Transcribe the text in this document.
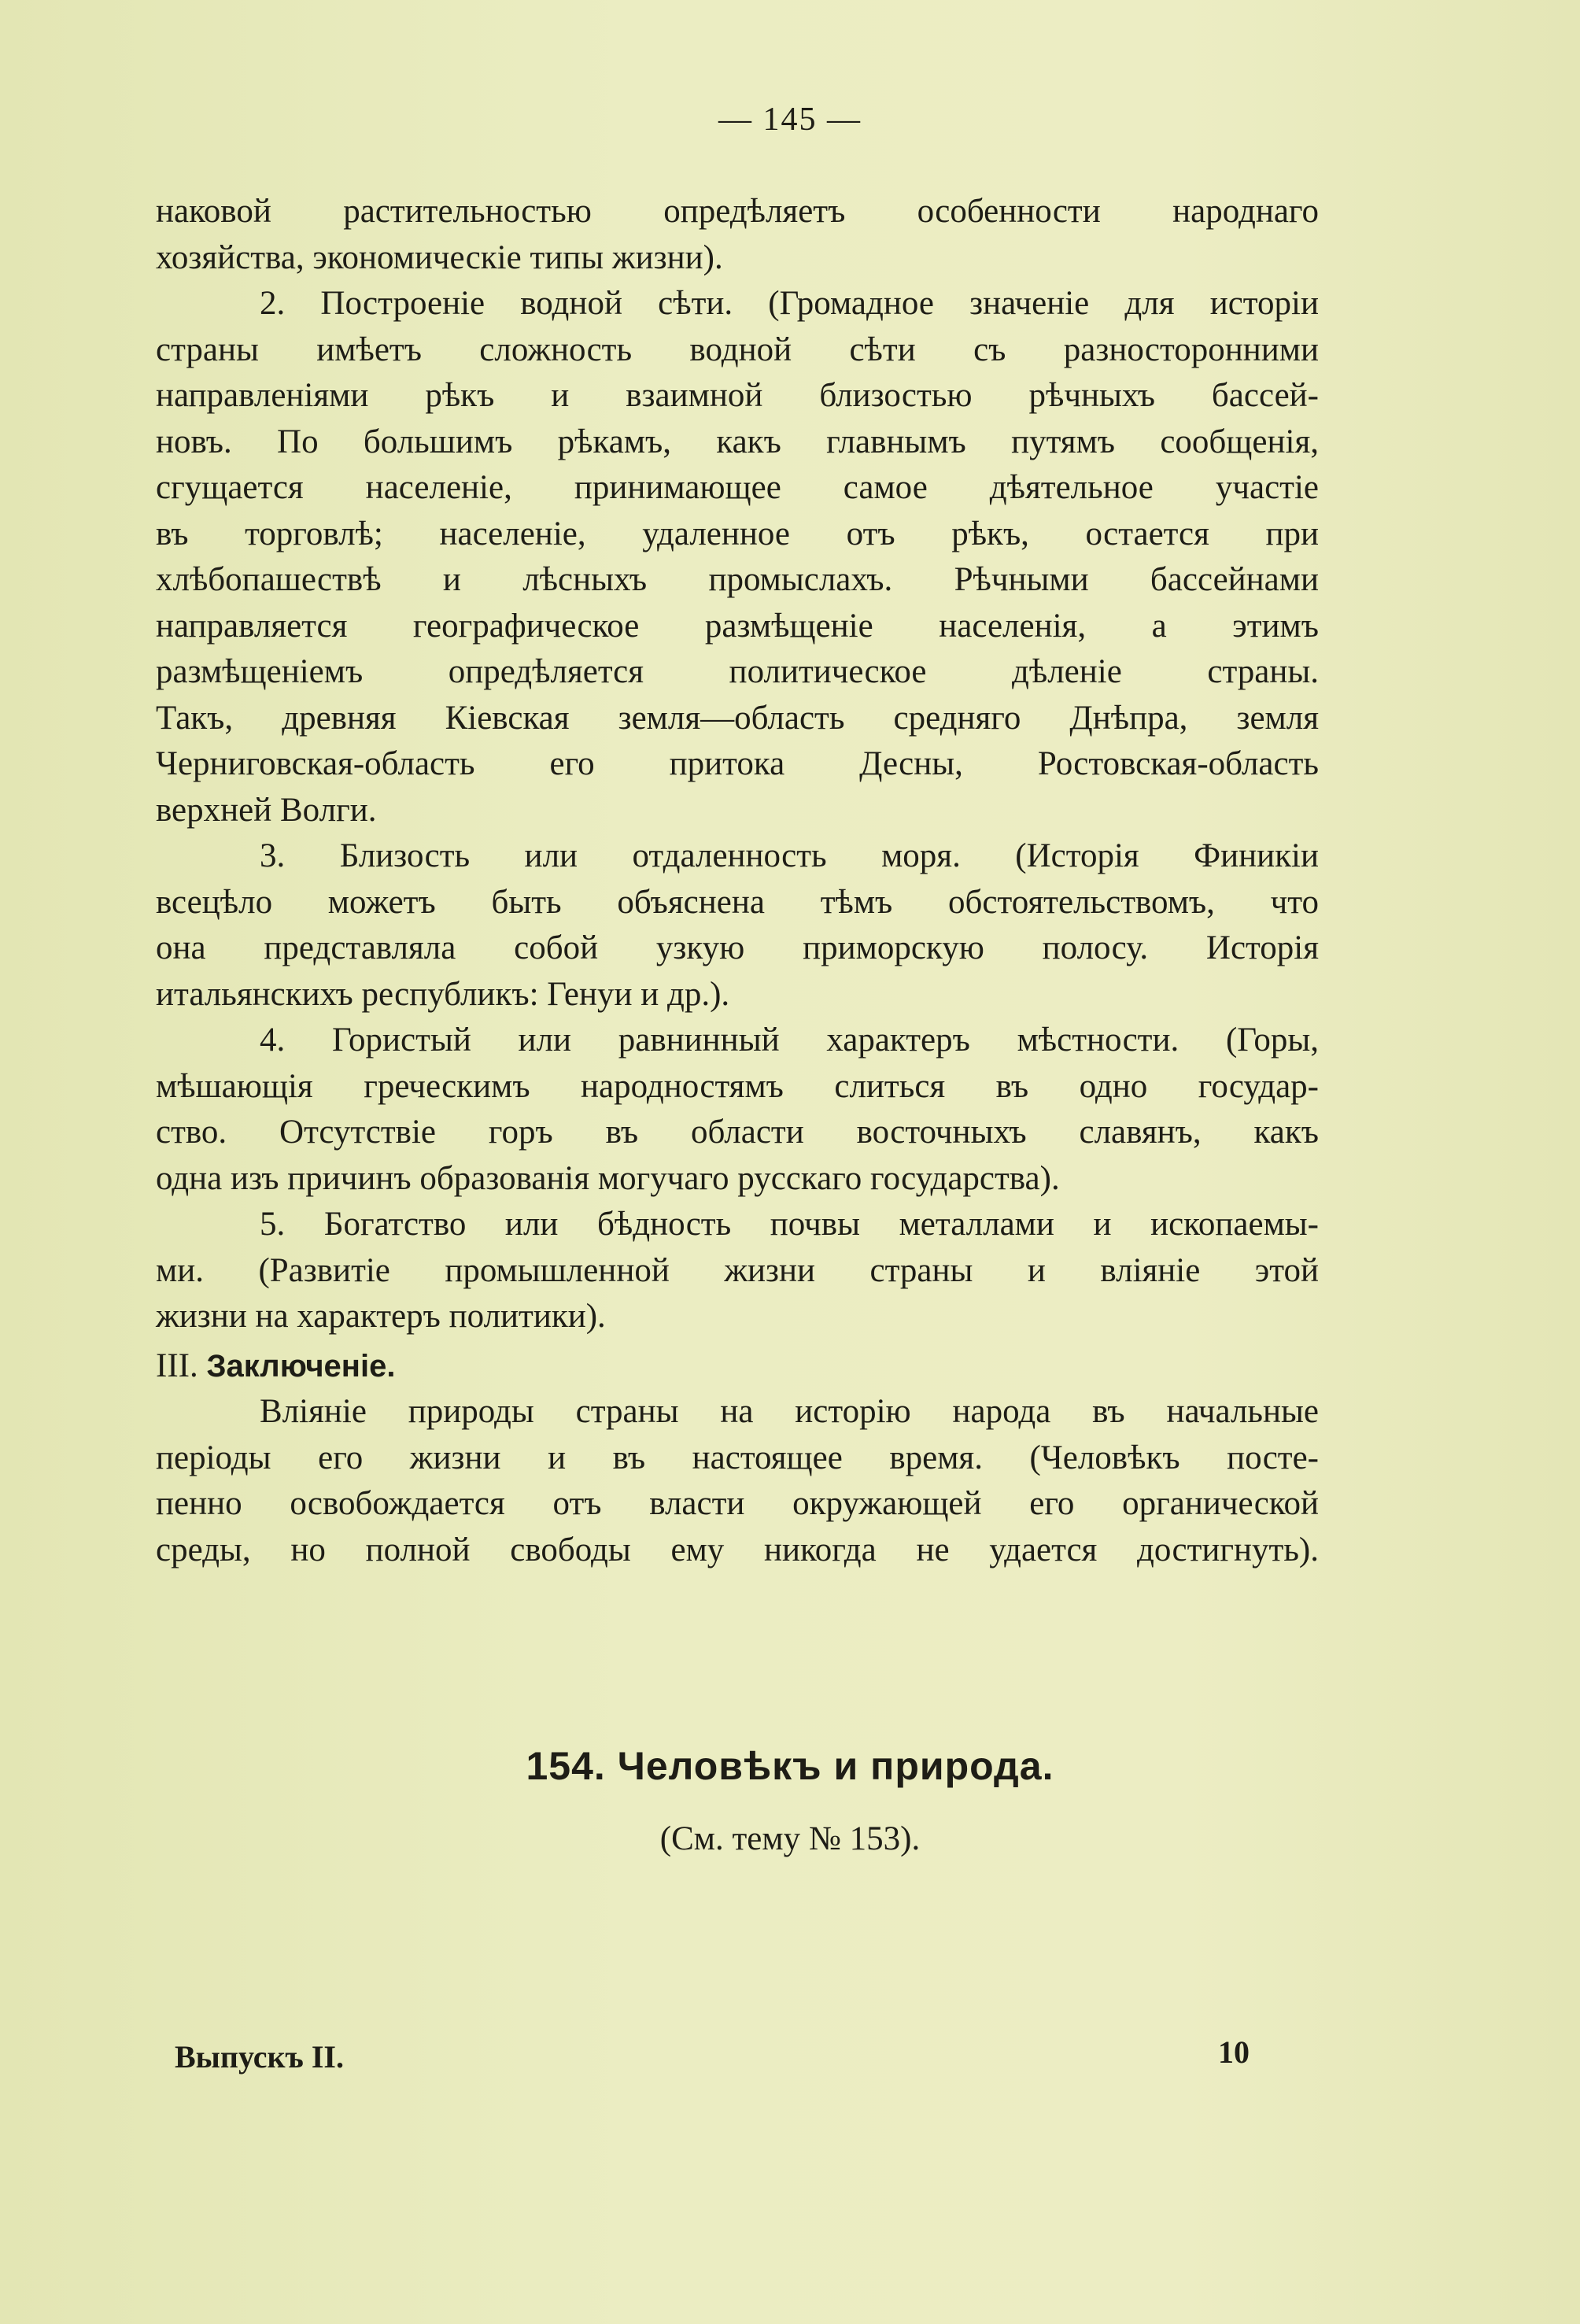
— 145 —
наковой растительностью опредѣляетъ особенности народнаго
хозяйства, экономическіе типы жизни).
2. Построеніе водной сѣти. (Громадное значеніе для исторіи
страны имѣетъ сложность водной сѣти съ разносторонними
направленіями рѣкъ и взаимной близостью рѣчныхъ бассей-
новъ. По большимъ рѣкамъ, какъ главнымъ путямъ сообщенія,
сгущается населеніе, принимающее самое дѣятельное участіе
въ торговлѣ; населеніе, удаленное отъ рѣкъ, остается при
хлѣбопашествѣ и лѣсныхъ промыслахъ. Рѣчными бассейнами
направляется географическое размѣщеніе населенія, а этимъ
размѣщеніемъ опредѣляется политическое дѣленіе страны.
Такъ, древняя Кіевская земля—область средняго Днѣпра, земля
Черниговская-область его притока Десны, Ростовская-область
верхней Волги.
3. Близость или отдаленность моря. (Исторія Финикіи
всецѣло можетъ быть объяснена тѣмъ обстоятельствомъ, что
она представляла собой узкую приморскую полосу. Исторія
итальянскихъ республикъ: Генуи и др.).
4. Гористый или равнинный характеръ мѣстности. (Горы,
мѣшающія греческимъ народностямъ слиться въ одно государ-
ство. Отсутствіе горъ въ области восточныхъ славянъ, какъ
одна изъ причинъ образованія могучаго русскаго государства).
5. Богатство или бѣдность почвы металлами и ископаемы-
ми. (Развитіе промышленной жизни страны и вліяніе этой
жизни на характеръ политики).
III. Заключеніе.
Вліяніе природы страны на исторію народа въ начальные
періоды его жизни и въ настоящее время. (Человѣкъ посте-
пенно освобождается отъ власти окружающей его органической
среды, но полной свободы ему никогда не удается достигнуть).
154. Человѣкъ и природа.
(См. тему № 153).
Выпускъ II.	10
